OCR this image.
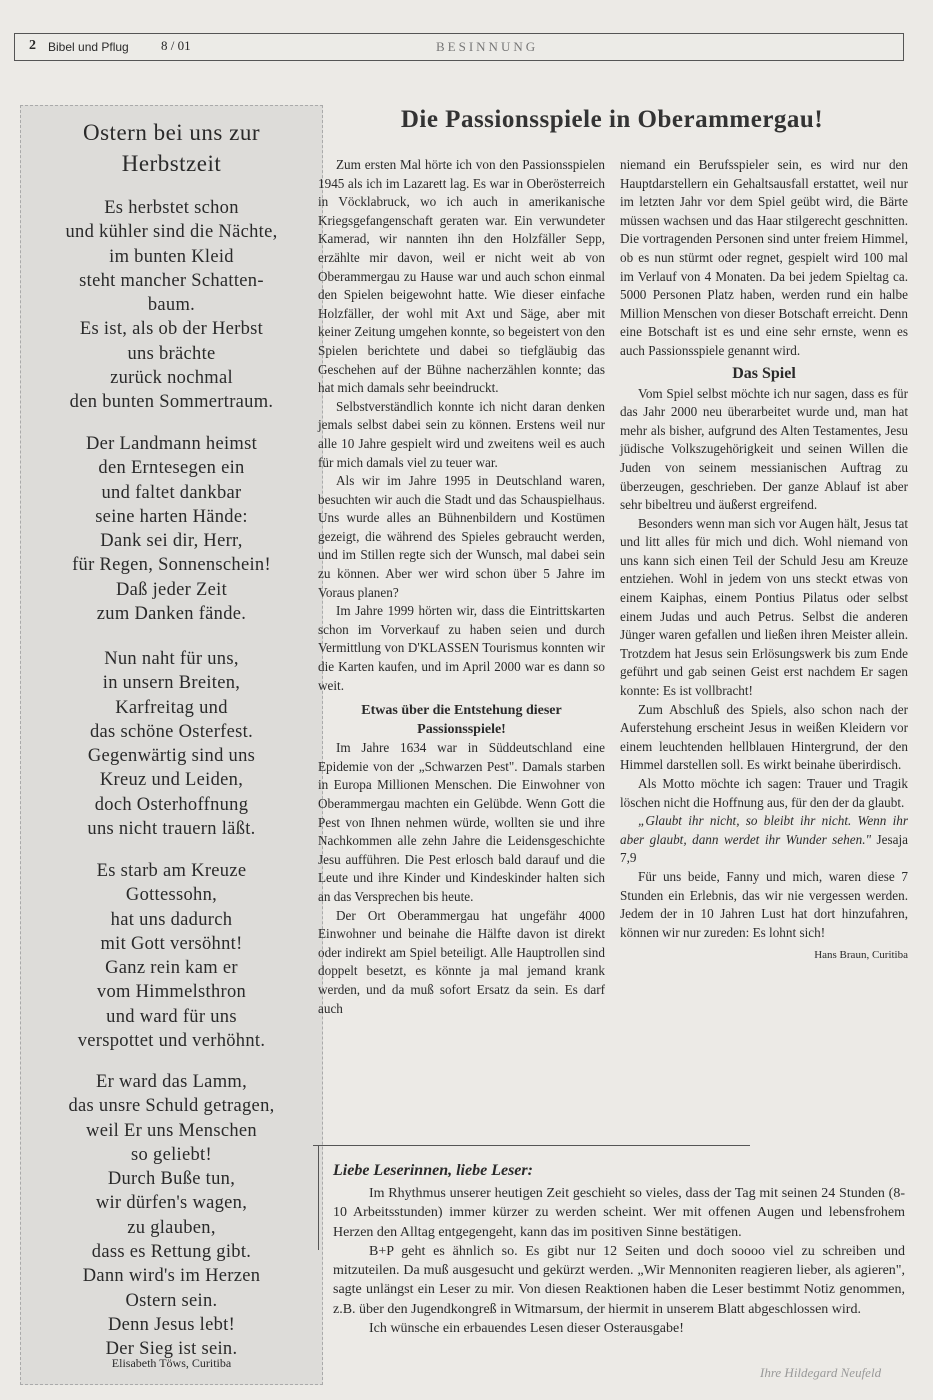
2 Bibel und Pflug 8 / 01	BESINNUNG
Ostern bei uns zur
Herbstzeit
Es herbstet schon
und kühler sind die Nächte,
im bunten Kleid
steht mancher Schatten-
baum.
Es ist, als ob der Herbst
uns brächte
zurück nochmal
den bunten Sommertraum.
Der Landmann heimst
den Erntesegen ein
und faltet dankbar
seine harten Hände:
Dank sei dir, Herr,
für Regen, Sonnenschein!
Daß jeder Zeit
zum Danken fände.
Nun naht für uns,
in unsern Breiten,
Karfreitag und
das schöne Osterfest.
Gegenwärtig sind uns
Kreuz und Leiden,
doch Osterhoffnung
uns nicht trauern läßt.
Es starb am Kreuze
Gottessohn,
hat uns dadurch
mit Gott versöhnt!
Ganz rein kam er
vom Himmelsthron
und ward für uns
verspottet und verhöhnt.
Er ward das Lamm,
das unsre Schuld getragen,
weil Er uns Menschen
so geliebt!
Durch Buße tun,
wir dürfen's wagen,
zu glauben,
dass es Rettung gibt.
Dann wird's im Herzen
Ostern sein.
Denn Jesus lebt!
Der Sieg ist sein.
Elisabeth Töws, Curitiba
Die Passionsspiele in Oberammergau!

Zum ersten Mal hörte ich von den Passionsspielen 1945 als ich im Lazarett lag. Es war in Oberösterreich in Vöcklabruck, wo ich auch in amerikanische Kriegsgefangenschaft geraten war. Ein verwundeter Kamerad, wir nannten ihn den Holzfäller Sepp, erzählte mir davon, weil er nicht weit ab von Oberammergau zu Hause war und auch schon einmal den Spielen beigewohnt hatte. Wie dieser einfache Holzfäller, der wohl mit Axt und Säge, aber mit keiner Zeitung umgehen konnte, so begeistert von den Spielen berichtete und dabei so tiefgläubig das Geschehen auf der Bühne nacherzählen konnte; das hat mich damals sehr beeindruckt.

Selbstverständlich konnte ich nicht daran denken jemals selbst dabei sein zu können. Erstens weil nur alle 10 Jahre gespielt wird und zweitens weil es auch für mich damals viel zu teuer war.

Als wir im Jahre 1995 in Deutschland waren, besuchten wir auch die Stadt und das Schauspielhaus. Uns wurde alles an Bühnenbildern und Kostümen gezeigt, die während des Spieles gebraucht werden, und im Stillen regte sich der Wunsch, mal dabei sein zu können. Aber wer wird schon über 5 Jahre im Voraus planen?

Im Jahre 1999 hörten wir, dass die Eintrittskarten schon im Vorverkauf zu haben seien und durch Vermittlung von D'KLASSEN Tourismus konnten wir die Karten kaufen, und im April 2000 war es dann so weit.

Etwas über die Entstehung dieser Passionsspiele!

Im Jahre 1634 war in Süddeutschland eine Epidemie von der „Schwarzen Pest". Damals starben in Europa Millionen Menschen. Die Einwohner von Oberammergau machten ein Gelübde. Wenn Gott die Pest von Ihnen nehmen würde, wollten sie und ihre Nachkommen alle zehn Jahre die Leidensgeschichte Jesu aufführen. Die Pest erlosch bald darauf und die Leute und ihre Kinder und Kindeskinder halten sich an das Versprechen bis heute.

Der Ort Oberammergau hat ungefähr 4000 Einwohner und beinahe die Hälfte davon ist direkt oder indirekt am Spiel beteiligt. Alle Hauptrollen sind doppelt besetzt, es könnte ja mal jemand krank werden, und da muß sofort Ersatz da sein. Es darf auch

niemand ein Berufsspieler sein, es wird nur den Hauptdarstellern ein Gehaltsausfall erstattet, weil nur im letzten Jahr vor dem Spiel geübt wird, die Bärte müssen wachsen und das Haar stilgerecht geschnitten. Die vortragenden Personen sind unter freiem Himmel, ob es nun stürmt oder regnet, gespielt wird 100 mal im Verlauf von 4 Monaten. Da bei jedem Spieltag ca. 5000 Personen Platz haben, werden rund ein halbe Million Menschen von dieser Botschaft erreicht. Denn eine Botschaft ist es und eine sehr ernste, wenn es auch Passionsspiele genannt wird.

Das Spiel

Vom Spiel selbst möchte ich nur sagen, dass es für das Jahr 2000 neu überarbeitet wurde und, man hat mehr als bisher, aufgrund des Alten Testamentes, Jesu jüdische Volkszugehörigkeit und seinen Willen die Juden von seinem messianischen Auftrag zu überzeugen, geschrieben. Der ganze Ablauf ist aber sehr bibeltreu und äußerst ergreifend.

Besonders wenn man sich vor Augen hält, Jesus tat und litt alles für mich und dich. Wohl niemand von uns kann sich einen Teil der Schuld Jesu am Kreuze entziehen. Wohl in jedem von uns steckt etwas von einem Kaiphas, einem Pontius Pilatus oder selbst einem Judas und auch Petrus. Selbst die anderen Jünger waren gefallen und ließen ihren Meister allein. Trotzdem hat Jesus sein Erlösungswerk bis zum Ende geführt und gab seinen Geist erst nachdem Er sagen konnte: Es ist vollbracht!

Zum Abschluß des Spiels, also schon nach der Auferstehung erscheint Jesus in weißen Kleidern vor einem leuchtenden hellblauen Hintergrund, der den Himmel darstellen soll. Es wirkt beinahe überirdisch.

Als Motto möchte ich sagen: Trauer und Tragik löschen nicht die Hoffnung aus, für den der da glaubt.

„Glaubt ihr nicht, so bleibt ihr nicht. Wenn ihr aber glaubt, dann werdet ihr Wunder sehen." Jesaja 7,9

Für uns beide, Fanny und mich, waren diese 7 Stunden ein Erlebnis, das wir nie vergessen werden. Jedem der in 10 Jahren Lust hat dort hinzufahren, können wir nur zureden: Es lohnt sich!

Hans Braun, Curitiba
Liebe Leserinnen, liebe Leser:

Im Rhythmus unserer heutigen Zeit geschieht so vieles, dass der Tag mit seinen 24 Stunden (8-10 Arbeitsstunden) immer kürzer zu werden scheint. Wer mit offenen Augen und lebensfrohem Herzen den Alltag entgegengeht, kann das im positiven Sinne bestätigen.

B+P geht es ähnlich so. Es gibt nur 12 Seiten und doch soooo viel zu schreiben und mitzuteilen. Da muß ausgesucht und gekürzt werden. „Wir Mennoniten reagieren lieber, als agieren", sagte unlängst ein Leser zu mir. Von diesen Reaktionen haben die Leser bestimmt Notiz genommen, z.B. über den Jugendkongreß in Witmarsum, der hiermit in unserem Blatt abgeschlossen wird.

Ich wünsche ein erbauendes Lesen dieser Osterausgabe!

Ihre Hildegard Neufeld
